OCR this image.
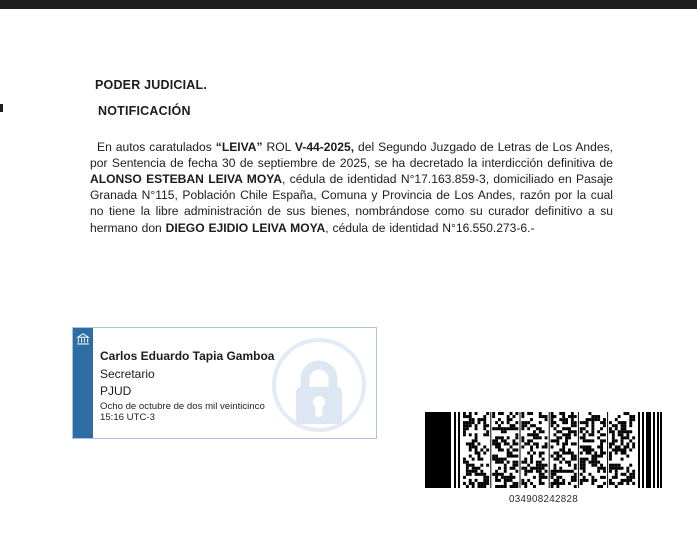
PODER JUDICIAL.
NOTIFICACIÓN

En autos caratulados “LEIVA” ROL V-44-2025, del Segundo Juzgado de Letras de Los Andes, por Sentencia de fecha 30 de septiembre de 2025, se ha decretado la interdicción definitiva de ALONSO ESTEBAN LEIVA MOYA, cédula de identidad N°17.163.859-3, domiciliado en Pasaje Granada N°115, Población Chile España, Comuna y Provincia de Los Andes, razón por la cual no tiene la libre administración de sus bienes, nombrándose como su curador definitivo a su hermano don DIEGO EJIDIO LEIVA MOYA, cédula de identidad N°16.550.273-6.-

Carlos Eduardo Tapia Gamboa
Secretario
PJUD
Ocho de octubre de dos mil veinticinco
15:16 UTC-3
034908242828
